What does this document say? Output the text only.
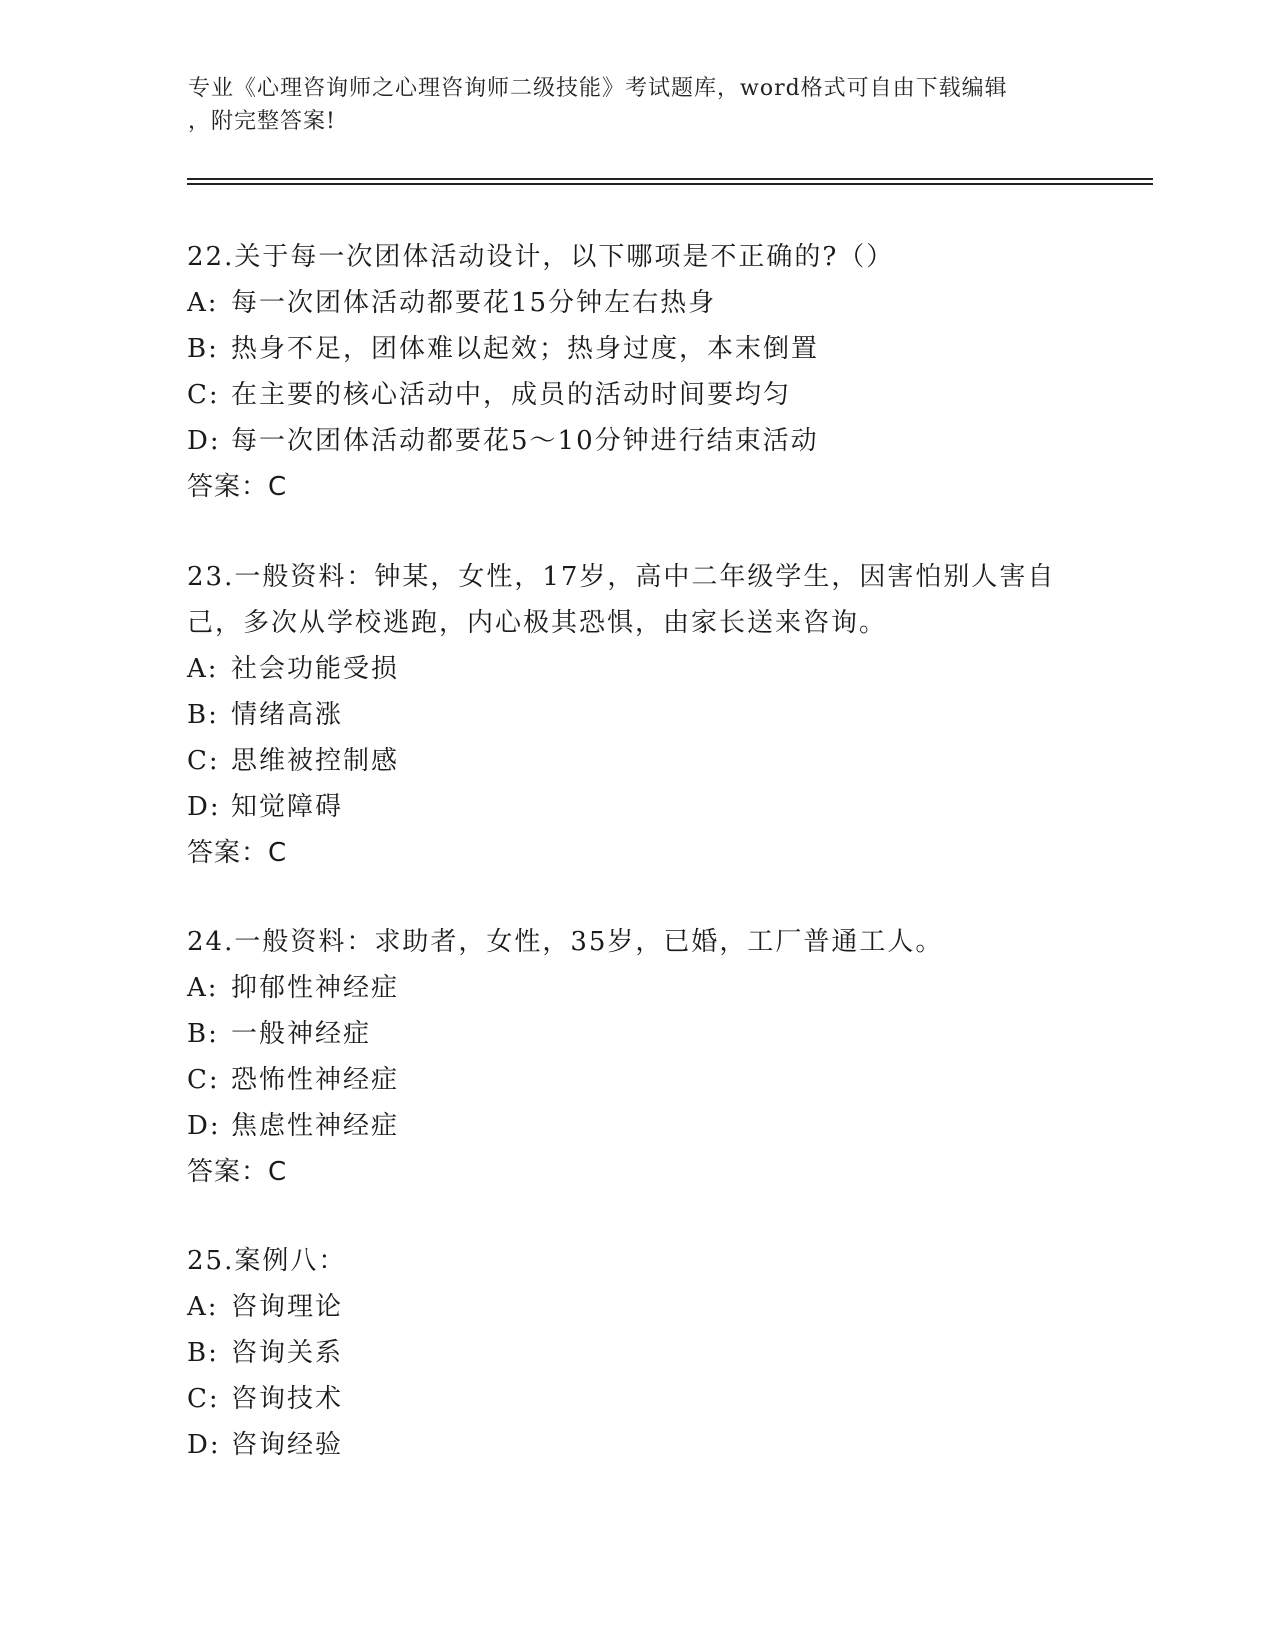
专业《心理咨询师之心理咨询师二级技能》考试题库，word格式可自由下载编辑
，附完整答案!
22.关于每一次团体活动设计，以下哪项是不正确的?（）
A: 每一次团体活动都要花15分钟左右热身
B: 热身不足，团体难以起效；热身过度，本末倒置
C: 在主要的核心活动中，成员的活动时间要均匀
D: 每一次团体活动都要花5～10分钟进行结束活动
答案：C
23.一般资料：钟某，女性，17岁，高中二年级学生，因害怕别人害自己，多次从学校逃跑，内心极其恐惧，由家长送来咨询。
A: 社会功能受损
B: 情绪高涨
C: 思维被控制感
D: 知觉障碍
答案：C
24.一般资料：求助者，女性，35岁，已婚，工厂普通工人。
A: 抑郁性神经症
B: 一般神经症
C: 恐怖性神经症
D: 焦虑性神经症
答案：C
25.案例八：
A: 咨询理论
B: 咨询关系
C: 咨询技术
D: 咨询经验
